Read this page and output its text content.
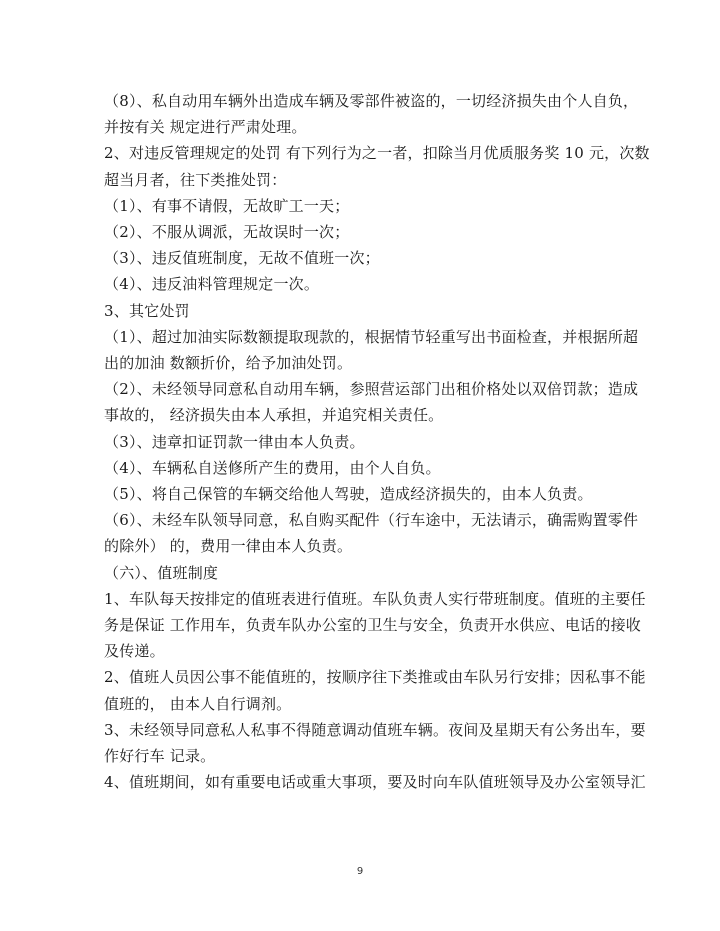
（8）、私自动用车辆外出造成车辆及零部件被盗的，一切经济损失由个人自负，
并按有关 规定进行严肃处理。
2、对违反管理规定的处罚 有下列行为之一者，扣除当月优质服务奖 10 元，次数
超当月者，往下类推处罚：
（1）、有事不请假，无故旷工一天；
（2）、不服从调派，无故误时一次；
（3）、违反值班制度，无故不值班一次；
（4）、违反油料管理规定一次。
3、其它处罚
（1）、超过加油实际数额提取现款的，根据情节轻重写出书面检查，并根据所超
出的加油 数额折价，给予加油处罚。
（2）、未经领导同意私自动用车辆，参照营运部门出租价格处以双倍罚款；造成
事故的， 经济损失由本人承担，并追究相关责任。
（3）、违章扣证罚款一律由本人负责。
（4）、车辆私自送修所产生的费用，由个人自负。
（5）、将自己保管的车辆交给他人驾驶，造成经济损失的，由本人负责。
（6）、未经车队领导同意，私自购买配件（行车途中，无法请示，确需购置零件
的除外） 的，费用一律由本人负责。
（六）、值班制度
1、车队每天按排定的值班表进行值班。车队负责人实行带班制度。值班的主要任
务是保证 工作用车，负责车队办公室的卫生与安全，负责开水供应、电话的接收
及传递。
2、值班人员因公事不能值班的，按顺序往下类推或由车队另行安排；因私事不能
值班的， 由本人自行调剂。
3、未经领导同意私人私事不得随意调动值班车辆。夜间及星期天有公务出车，要
作好行车 记录。
4、值班期间，如有重要电话或重大事项，要及时向车队值班领导及办公室领导汇
9
